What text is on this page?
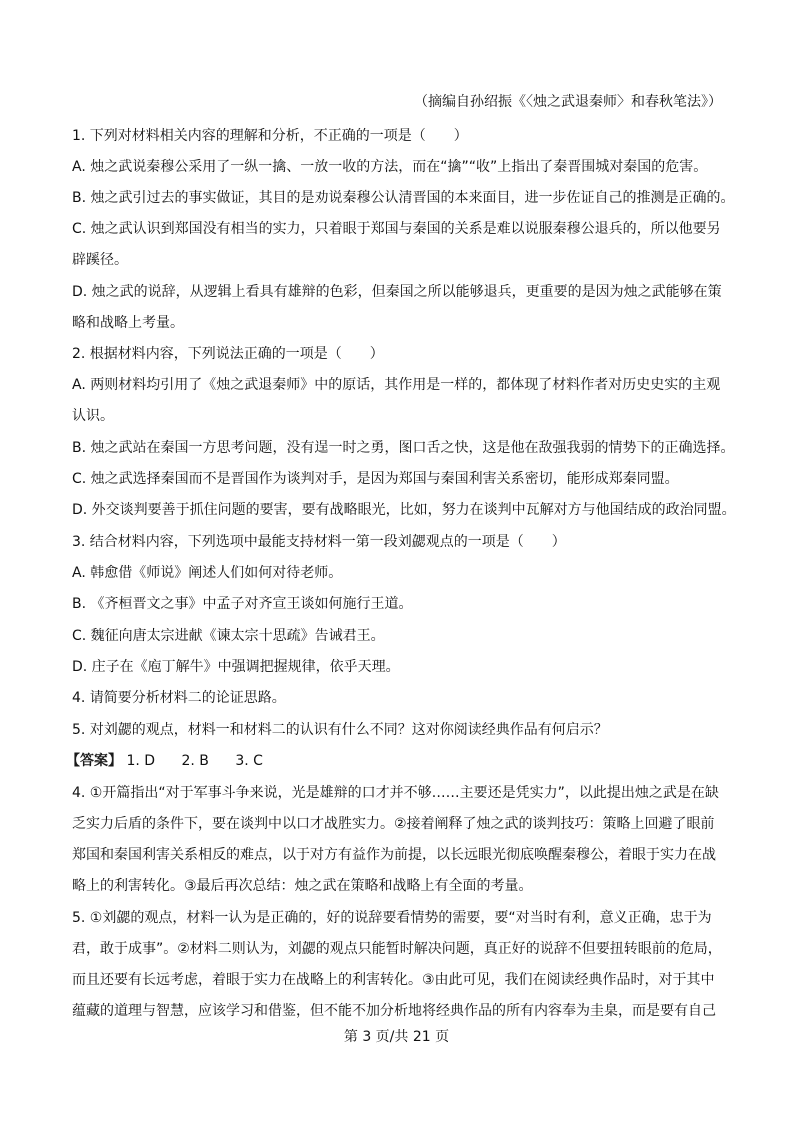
（摘编自孙绍振《〈烛之武退秦师〉和春秋笔法》）
1. 下列对材料相关内容的理解和分析，不正确的一项是（　　）
A. 烛之武说秦穆公采用了一纵一擒、一放一收的方法，而在“擒”“收”上指出了秦晋围城对秦国的危害。
B. 烛之武引过去的事实做证，其目的是劝说秦穆公认清晋国的本来面目，进一步佐证自己的推测是正确的。
C. 烛之武认识到郑国没有相当的实力，只着眼于郑国与秦国的关系是难以说服秦穆公退兵的，所以他要另
辟蹊径。
D. 烛之武的说辞，从逻辑上看具有雄辩的色彩，但秦国之所以能够退兵，更重要的是因为烛之武能够在策
略和战略上考量。
2. 根据材料内容，下列说法正确的一项是（　　）
A. 两则材料均引用了《烛之武退秦师》中的原话，其作用是一样的，都体现了材料作者对历史史实的主观
认识。
B. 烛之武站在秦国一方思考问题，没有逞一时之勇，图口舌之快，这是他在敌强我弱的情势下的正确选择。
C. 烛之武选择秦国而不是晋国作为谈判对手，是因为郑国与秦国利害关系密切，能形成郑秦同盟。
D. 外交谈判要善于抓住问题的要害，要有战略眼光，比如，努力在谈判中瓦解对方与他国结成的政治同盟。
3. 结合材料内容，下列选项中最能支持材料一第一段刘勰观点的一项是（　　）
A. 韩愈借《师说》阐述人们如何对待老师。
B. 《齐桓晋文之事》中孟子对齐宣王谈如何施行王道。
C. 魏征向唐太宗进献《谏太宗十思疏》告诫君王。
D. 庄子在《庖丁解牛》中强调把握规律，依乎天理。
4. 请简要分析材料二的论证思路。
5. 对刘勰的观点，材料一和材料二的认识有什么不同？这对你阅读经典作品有何启示？
【答案】 1. D 2. B 3. C
4. ①开篇指出“对于军事斗争来说，光是雄辩的口才并不够……主要还是凭实力”，以此提出烛之武是在缺
乏实力后盾的条件下，要在谈判中以口才战胜实力。②接着阐释了烛之武的谈判技巧：策略上回避了眼前
郑国和秦国利害关系相反的难点，以于对方有益作为前提，以长远眼光彻底唤醒秦穆公，着眼于实力在战
略上的利害转化。③最后再次总结：烛之武在策略和战略上有全面的考量。
5. ①刘勰的观点，材料一认为是正确的，好的说辞要看情势的需要，要“对当时有利，意义正确，忠于为
君，敢于成事”。②材料二则认为，刘勰的观点只能暂时解决问题，真正好的说辞不但要扭转眼前的危局，
而且还要有长远考虑，着眼于实力在战略上的利害转化。③由此可见，我们在阅读经典作品时，对于其中
蕴藏的道理与智慧，应该学习和借鉴，但不能不加分析地将经典作品的所有内容奉为圭臬，而是要有自己
第 3 页/共 21 页
